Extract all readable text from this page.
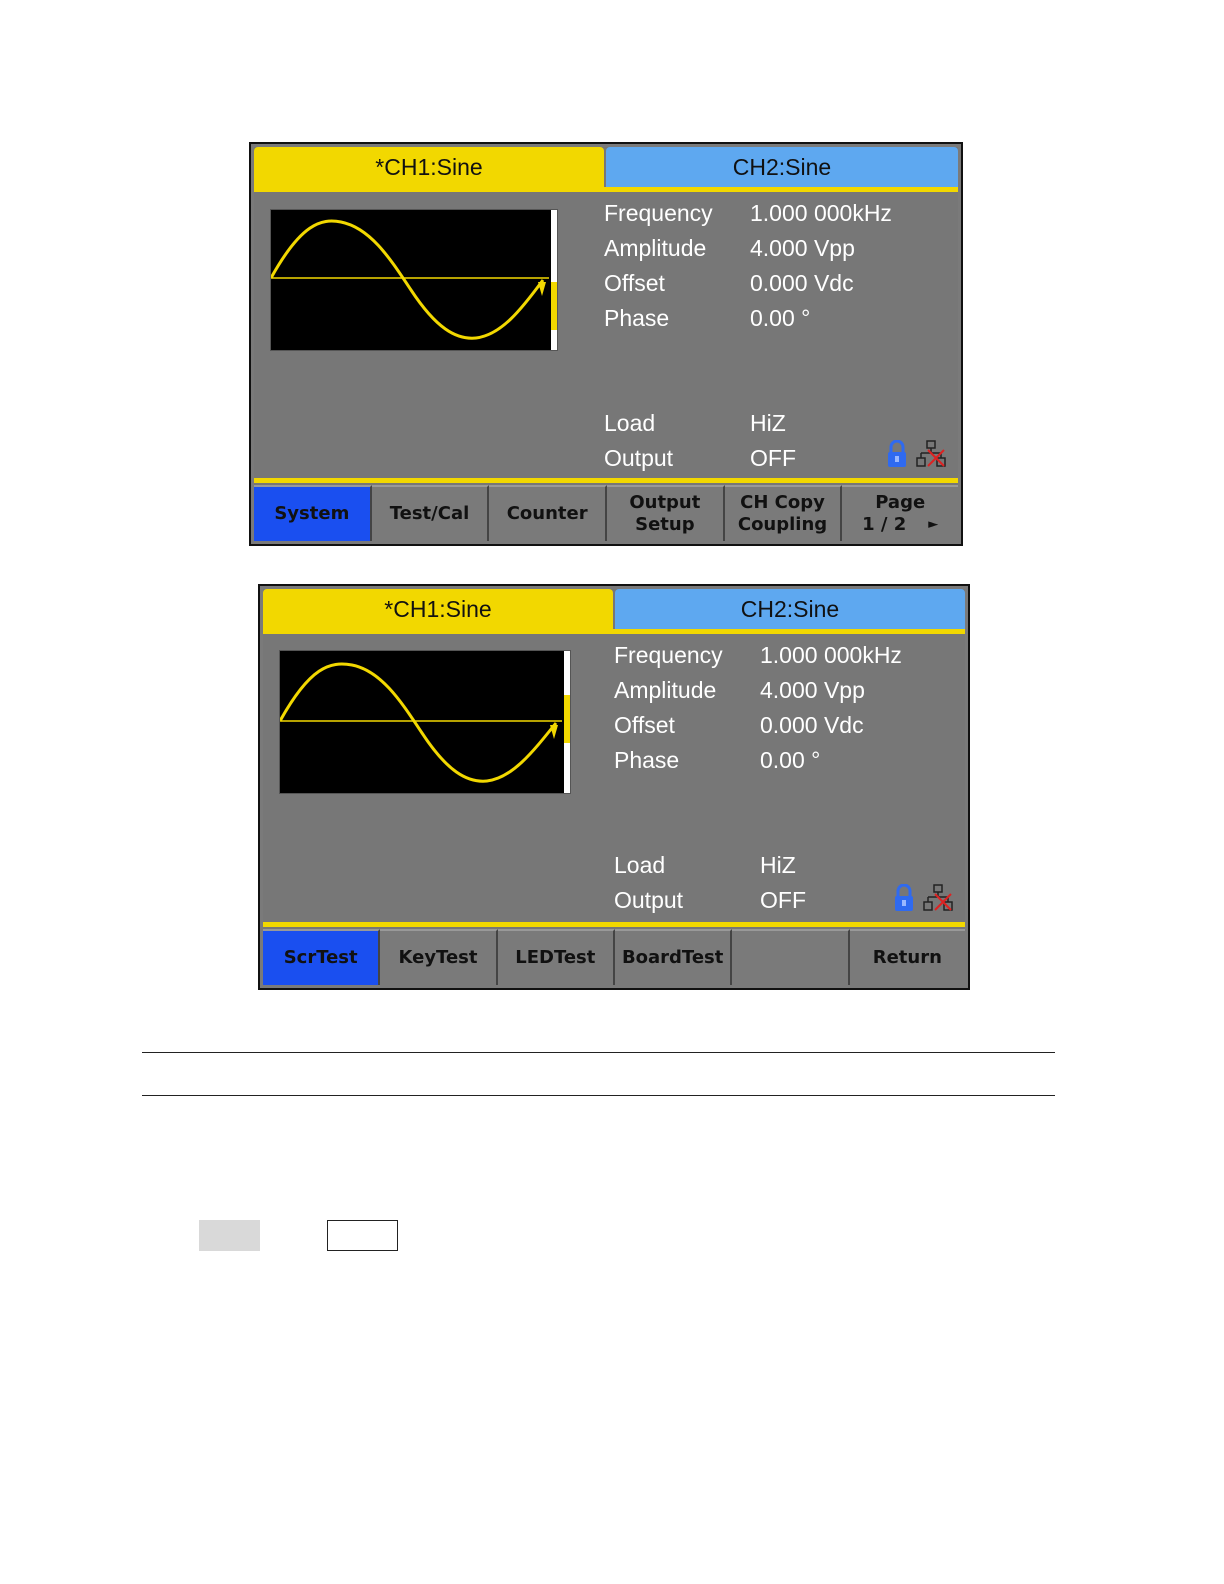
*CH1:Sine	CH2:Sine
Frequency 1.000 000kHz
Amplitude 4.000 Vpp
Offset	0.000 Vdc
Phase	0.00 °
Load	HiZ
Output	OFF
System Test/Cal Counter
Output
Setup
CH Copy
Coupling
Page
1 / 2 ►
*CH1:Sine	CH2:Sine
Frequency 1.000 000kHz
Amplitude 4.000 Vpp
Offset	0.000 Vdc
Phase	0.00 °
Load	HiZ
Output	OFF
ScrTest KeyTest LEDTest BoardTest	Return
